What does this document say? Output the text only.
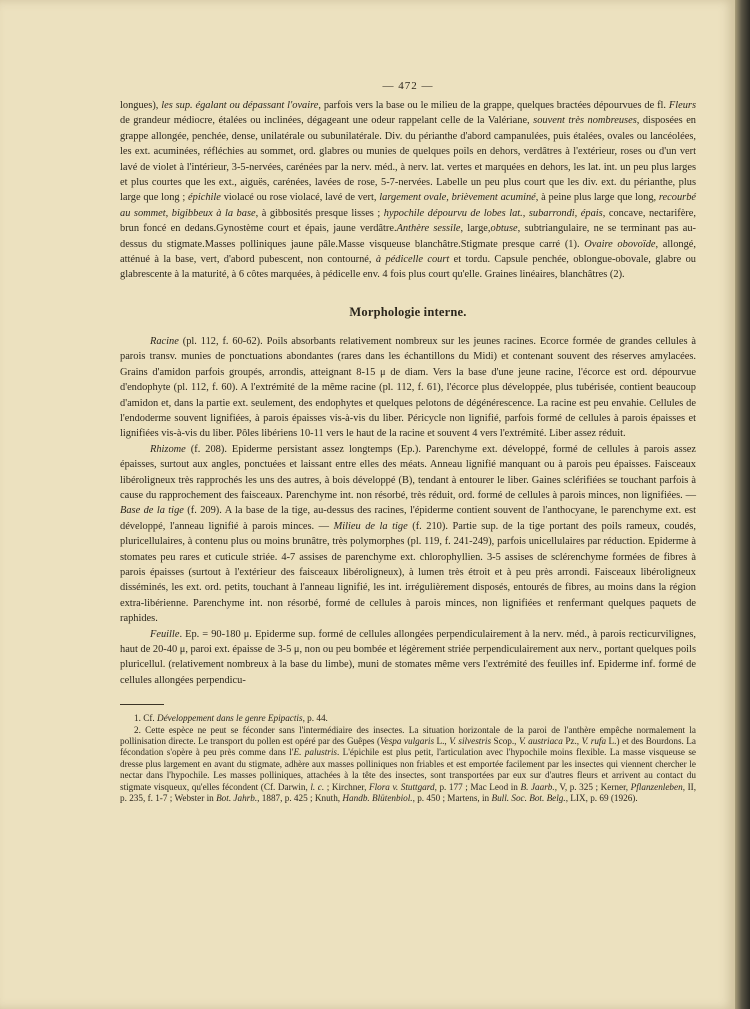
— 472 —

longues), les sup. égalant ou dépassant l'ovaire, parfois vers la base ou le milieu de la grappe, quelques bractées dépourvues de fl. Fleurs de grandeur médiocre, étalées ou inclinées, dégageant une odeur rappelant celle de la Valériane, souvent très nombreuses, disposées en grappe allongée, penchée, dense, unilatérale ou subunilatérale. Div. du périanthe d'abord campanulées, puis étalées, ovales ou lancéolées, les ext. acuminées, réfléchies au sommet, ord. glabres ou munies de quelques poils en dehors, verdâtres à l'extérieur, roses ou d'un vert lavé de violet à l'intérieur, 3-5-nervées, carénées par la nerv. méd., à nerv. lat. vertes et marquées en dehors, les lat. int. un peu plus larges et plus courtes que les ext., aiguës, carénées, lavées de rose, 5-7-nervées. Labelle un peu plus court que les div. ext. du périanthe, plus large que long ; épichile violacé ou rose violacé, lavé de vert, largement ovale, brièvement acuminé, à peine plus large que long, recourbé au sommet, bigibbeux à la base, à gibbosités presque lisses ; hypochile dépourvu de lobes lat., subarrondi, épais, concave, nectarifère, brun foncé en dedans.Gynostème court et épais, jaune verdâtre.Anthère sessile, large,obtuse, subtriangulaire, ne se terminant pas au-dessus du stigmate.Masses polliniques jaune pâle.Masse visqueuse blanchâtre.Stigmate presque carré (1). Ovaire obovoïde, allongé, atténué à la base, vert, d'abord pubescent, non contourné, à pédicelle court et tordu. Capsule penchée, oblongue-obovale, glabre ou glabrescente à la maturité, à 6 côtes marquées, à pédicelle env. 4 fois plus court qu'elle. Graines linéaires, blanchâtres (2).

Morphologie interne.

Racine (pl. 112, f. 60-62). Poils absorbants relativement nombreux sur les jeunes racines. Ecorce formée de grandes cellules à parois transv. munies de ponctuations abondantes (rares dans les échantillons du Midi) et contenant souvent des réserves amylacées. Grains d'amidon parfois groupés, arrondis, atteignant 8-15 μ de diam. Vers la base d'une jeune racine, l'écorce est ord. dépourvue d'endophyte (pl. 112, f. 60). A l'extrémité de la même racine (pl. 112, f. 61), l'écorce plus développée, plus tubérisée, contient beaucoup d'amidon et, dans la partie ext. seulement, des endophytes et quelques pelotons de dégénérescence. La racine est peu envahie. Cellules de l'endoderme souvent lignifiées, à parois épaisses vis-à-vis du liber. Péricycle non lignifié, parfois formé de cellules à parois épaisses et lignifiées vis-à-vis du liber. Pôles libériens 10-11 vers le haut de la racine et souvent 4 vers l'extrémité. Liber assez réduit.

Rhizome (f. 208). Epiderme persistant assez longtemps (Ep.). Parenchyme ext. développé, formé de cellules à parois assez épaisses, surtout aux angles, ponctuées et laissant entre elles des méats. Anneau lignifié manquant ou à parois peu épaisses. Faisceaux libéroligneux très rapprochés les uns des autres, à bois développé (B), tendant à entourer le liber. Gaines sclérifiées se touchant parfois à cause du rapprochement des faisceaux. Parenchyme int. non résorbé, très réduit, ord. formé de cellules à parois minces, non lignifiées. — Base de la tige (f. 209). A la base de la tige, au-dessus des racines, l'épiderme contient souvent de l'anthocyane, le parenchyme ext. est développé, l'anneau lignifié à parois minces. — Milieu de la tige (f. 210). Partie sup. de la tige portant des poils rameux, coudés, pluricellulaires, à contenu plus ou moins brunâtre, très polymorphes (pl. 119, f. 241-249), parfois unicellulaires par réduction. Epiderme à stomates peu rares et cuticule striée. 4-7 assises de parenchyme ext. chlorophyllien. 3-5 assises de sclérenchyme formées de fibres à parois épaisses (surtout à l'extérieur des faisceaux libéroligneux), à lumen très étroit et à peu près arrondi. Faisceaux libéroligneux disséminés, les ext. ord. petits, touchant à l'anneau lignifié, les int. irrégulièrement disposés, entourés de fibres, au moins dans la région extra-libérienne. Parenchyme int. non résorbé, formé de cellules à parois minces, non lignifiées et renfermant quelques paquets de raphides.

Feuille. Ep. = 90-180 μ. Epiderme sup. formé de cellules allongées perpendiculairement à la nerv. méd., à parois recticurvilignes, haut de 20-40 μ, paroi ext. épaisse de 3-5 μ, non ou peu bombée et légèrement striée perpendiculairement aux nerv., portant quelques poils pluricellul. (relativement nombreux à la base du limbe), muni de stomates même vers l'extrémité des feuilles inf. Epiderme inf. formé de cellules allongées perpendicu-

1. Cf. Développement dans le genre Epipactis, p. 44.

2. Cette espèce ne peut se féconder sans l'intermédiaire des insectes. La situation horizontale de la paroi de l'anthère empêche normalement la pollinisation directe. Le transport du pollen est opéré par des Guêpes (Vespa vulgaris L., V. silvestris Scop., V. austriaca Pz., V. rufa L.) et des Bourdons. La fécondation s'opère à peu près comme dans l'E. palustris. L'épichile est plus petit, l'articulation avec l'hypochile moins flexible. La masse visqueuse se dresse plus largement en avant du stigmate, adhère aux masses polliniques non friables et est emportée facilement par les insectes qui viennent chercher le nectar dans l'hypochile. Les masses polliniques, attachées à la tête des insectes, sont transportées par eux sur d'autres fleurs et arrivent au contact du stigmate visqueux, qu'elles fécondent (Cf. Darwin, l. c. ; Kirchner, Flora v. Stuttgard, p. 177 ; Mac Leod in B. Jaarb., V, p. 325 ; Kerner, Pflanzenleben, II, p. 235, f. 1-7 ; Webster in Bot. Jahrb., 1887, p. 425 ; Knuth, Handb. Blütenbiol., p. 450 ; Martens, in Bull. Soc. Bot. Belg., LIX, p. 69 (1926).
